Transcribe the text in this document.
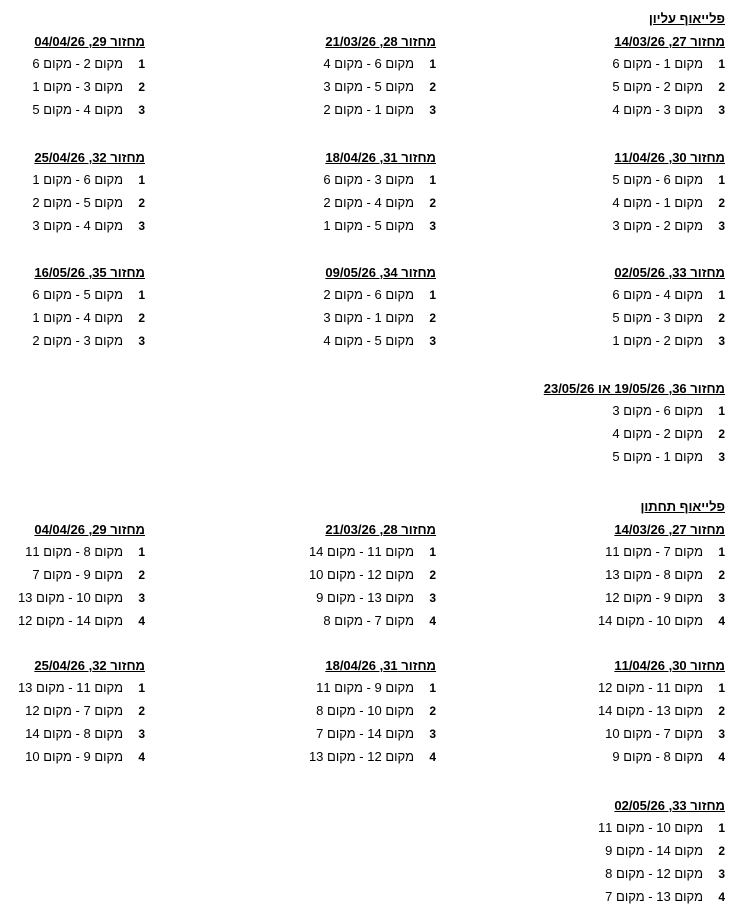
פלייאוף עליון
פלייאוף תחתון
מחזור 27, 14/03/26
1
מקום 1 - מקום 6
2
מקום 2 - מקום 5
3
מקום 3 - מקום 4
מחזור 28, 21/03/26
1
מקום 6 - מקום 4
2
מקום 5 - מקום 3
3
מקום 1 - מקום 2
מחזור 29, 04/04/26
1
מקום 2 - מקום 6
2
מקום 3 - מקום 1
3
מקום 4 - מקום 5
מחזור 30, 11/04/26
1
מקום 6 - מקום 5
2
מקום 1 - מקום 4
3
מקום 2 - מקום 3
מחזור 31, 18/04/26
1
מקום 3 - מקום 6
2
מקום 4 - מקום 2
3
מקום 5 - מקום 1
מחזור 32, 25/04/26
1
מקום 6 - מקום 1
2
מקום 5 - מקום 2
3
מקום 4 - מקום 3
מחזור 33, 02/05/26
1
מקום 4 - מקום 6
2
מקום 3 - מקום 5
3
מקום 2 - מקום 1
מחזור 34, 09/05/26
1
מקום 6 - מקום 2
2
מקום 1 - מקום 3
3
מקום 5 - מקום 4
מחזור 35, 16/05/26
1
מקום 5 - מקום 6
2
מקום 4 - מקום 1
3
מקום 3 - מקום 2
מחזור 36, 19/05/26 או 23/05/26
1
מקום 6 - מקום 3
2
מקום 2 - מקום 4
3
מקום 1 - מקום 5
מחזור 27, 14/03/26
1
מקום 7 - מקום 11
2
מקום 8 - מקום 13
3
מקום 9 - מקום 12
4
מקום 10 - מקום 14
מחזור 28, 21/03/26
1
מקום 11 - מקום 14
2
מקום 12 - מקום 10
3
מקום 13 - מקום 9
4
מקום 7 - מקום 8
מחזור 29, 04/04/26
1
מקום 8 - מקום 11
2
מקום 9 - מקום 7
3
מקום 10 - מקום 13
4
מקום 14 - מקום 12
מחזור 30, 11/04/26
1
מקום 11 - מקום 12
2
מקום 13 - מקום 14
3
מקום 7 - מקום 10
4
מקום 8 - מקום 9
מחזור 31, 18/04/26
1
מקום 9 - מקום 11
2
מקום 10 - מקום 8
3
מקום 14 - מקום 7
4
מקום 12 - מקום 13
מחזור 32, 25/04/26
1
מקום 11 - מקום 13
2
מקום 7 - מקום 12
3
מקום 8 - מקום 14
4
מקום 9 - מקום 10
מחזור 33, 02/05/26
1
מקום 10 - מקום 11
2
מקום 14 - מקום 9
3
מקום 12 - מקום 8
4
מקום 13 - מקום 7
